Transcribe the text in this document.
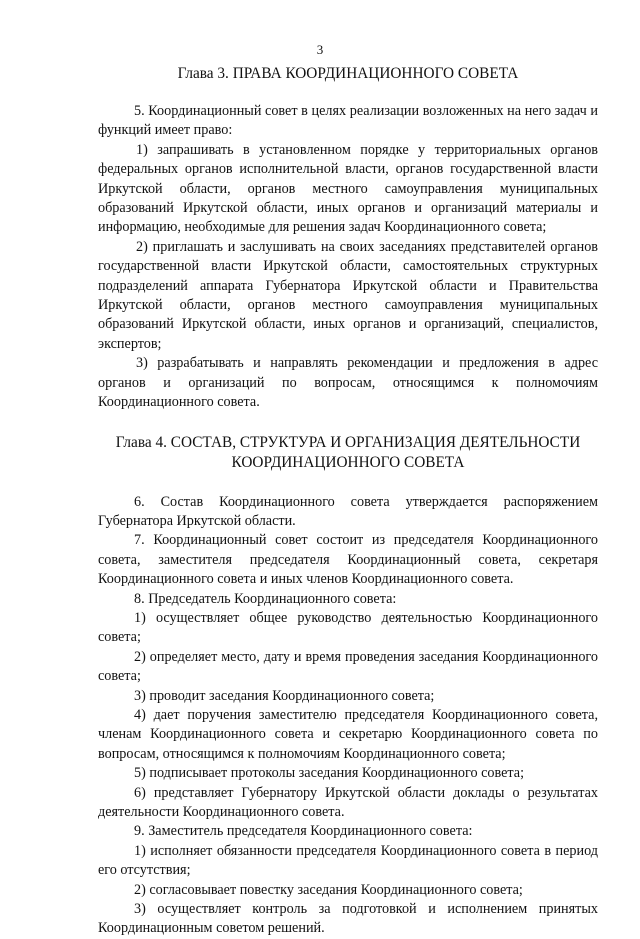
3
Глава 3. ПРАВА КООРДИНАЦИОННОГО СОВЕТА

5. Координационный совет в целях реализации возложенных на него задач и функций имеет право:

1) запрашивать в установленном порядке у территориальных органов федеральных органов исполнительной власти, органов государственной власти Иркутской области, органов местного самоуправления муниципальных образований Иркутской области, иных органов и организаций материалы и информацию, необходимые для решения задач Координационного совета;

2) приглашать и заслушивать на своих заседаниях представителей органов государственной власти Иркутской области, самостоятельных структурных подразделений аппарата Губернатора Иркутской области и Правительства Иркутской области, органов местного самоуправления муниципальных образований Иркутской области, иных органов и организаций, специалистов, экспертов;

3) разрабатывать и направлять рекомендации и предложения в адрес органов и организаций по вопросам, относящимся к полномочиям Координационного совета.

Глава 4. СОСТАВ, СТРУКТУРА И ОРГАНИЗАЦИЯ ДЕЯТЕЛЬНОСТИ
КООРДИНАЦИОННОГО СОВЕТА

6. Состав Координационного совета утверждается распоряжением Губернатора Иркутской области.

7. Координационный совет состоит из председателя Координационного совета, заместителя председателя Координационный совета, секретаря Координационного совета и иных членов Координационного совета.

8. Председатель Координационного совета:

1) осуществляет общее руководство деятельностью Координационного совета;

2) определяет место, дату и время проведения заседания Координационного совета;

3) проводит заседания Координационного совета;

4) дает поручения заместителю председателя Координационного совета, членам Координационного совета и секретарю Координационного совета по вопросам, относящимся к полномочиям Координационного совета;

5) подписывает протоколы заседания Координационного совета;

6) представляет Губернатору Иркутской области доклады о результатах деятельности Координационного совета.

9. Заместитель председателя Координационного совета:

1) исполняет обязанности председателя Координационного совета в период его отсутствия;

2) согласовывает повестку заседания Координационного совета;

3) осуществляет контроль за подготовкой и исполнением принятых Координационным советом решений.
